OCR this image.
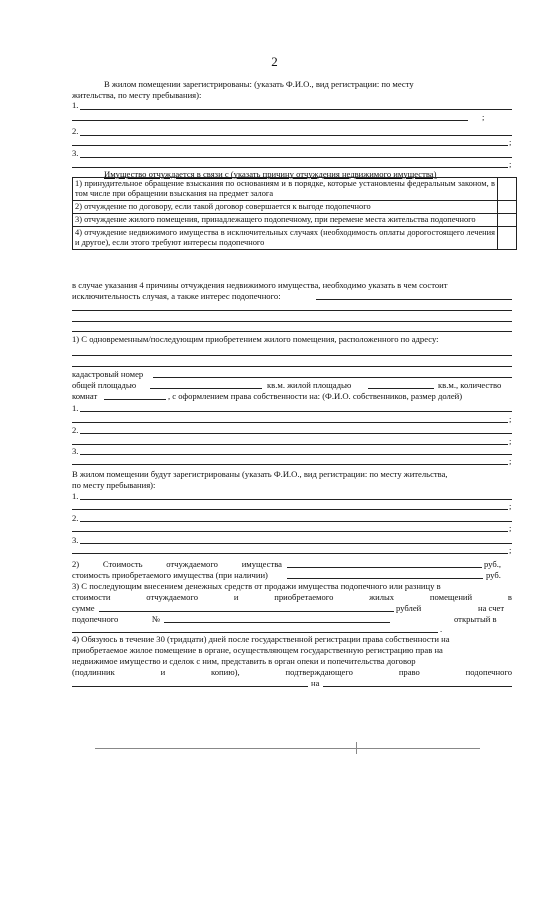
2
В жилом помещении зарегистрированы: (указать Ф.И.О., вид регистрации: по месту
жительства, по месту пребывания):
1.
;
2.
;
3.
;
Имущество отчуждается в связи с (указать причину отчуждения недвижимого имущества)
1) принудительное обращение взыскания по основаниям и в порядке, которые установлены федеральным законом, в том числе при обращении взыскания на предмет залога
2) отчуждение по договору, если такой договор совершается к выгоде подопечного
3) отчуждение жилого помещения, принадлежащего подопечному, при перемене места жительства подопечного
4) отчуждение недвижимого имущества в исключительных случаях (необходимость оплаты дорогостоящего лечения и другое), если этого требуют интересы подопечного
в случае указания 4 причины отчуждения недвижимого имущества, необходимо указать в чем состоит
исключительность случая, а также интерес подопечного:
1) С одновременным/последующим приобретением жилого помещения, расположенного по адресу:
кадастровый номер
общей площадью	кв.м. жилой площадью	кв.м., количество
комнат	, с оформлением права собственности на: (Ф.И.О. собственников, размер долей)
1.
;
2.
;
3.
;
В жилом помещении будут зарегистрированы (указать Ф.И.О., вид регистрации: по месту жительства,
по месту пребывания):
1.
;
2.
;
3.
;
2) Стоимость отчуждаемого имущества	руб.,
стоимость приобретаемого имущества (при наличии)	руб.
3) С последующим внесением денежных средств от продажи имущества подопечного или разницу в
стоимости отчуждаемого и приобретаемого жилых помещений в
сумме	рублей	на счет
подопечного	№	открытый в
.
4) Обязуюсь в течение 30 (тридцати) дней после государственной регистрации права собственности на
приобретаемое жилое помещение в органе, осуществляющем государственную регистрацию прав на
недвижимое имущество и сделок с ним, представить в орган опеки и попечительства договор
(подлинник и копию), подтверждающего право подопечного
на
